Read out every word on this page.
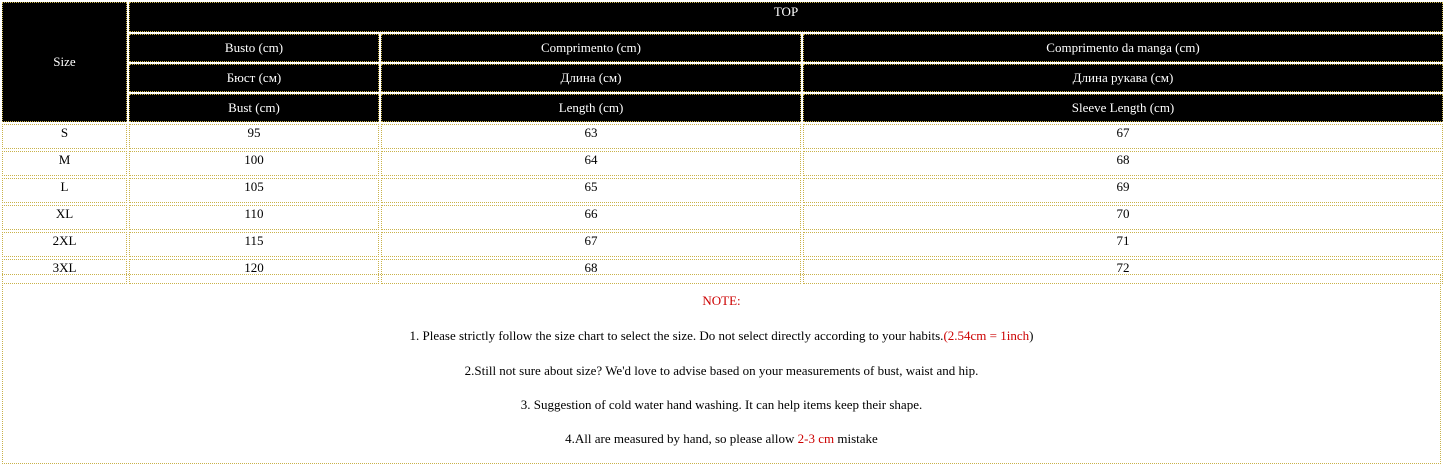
Size	TOP		
	Busto (cm)	Comprimento (cm)	Comprimento da manga (cm)
	Бюст (см)	Длина (см)	Длина рукава (см)
	Bust (cm)	Length (cm)	Sleeve Length (cm)
S	95	63	67
M	100	64	68
L	105	65	69
XL	110	66	70
2XL	115	67	71
3XL	120	68	72
NOTE:
1. Please strictly follow the size chart to select the size. Do not select directly according to your habits.(2.54cm = 1inch)
2.Still not sure about size? We'd love to advise based on your measurements of bust, waist and hip.
3. Suggestion of cold water hand washing. It can help items keep their shape.
4.All are measured by hand, so please allow 2-3 cm mistake
